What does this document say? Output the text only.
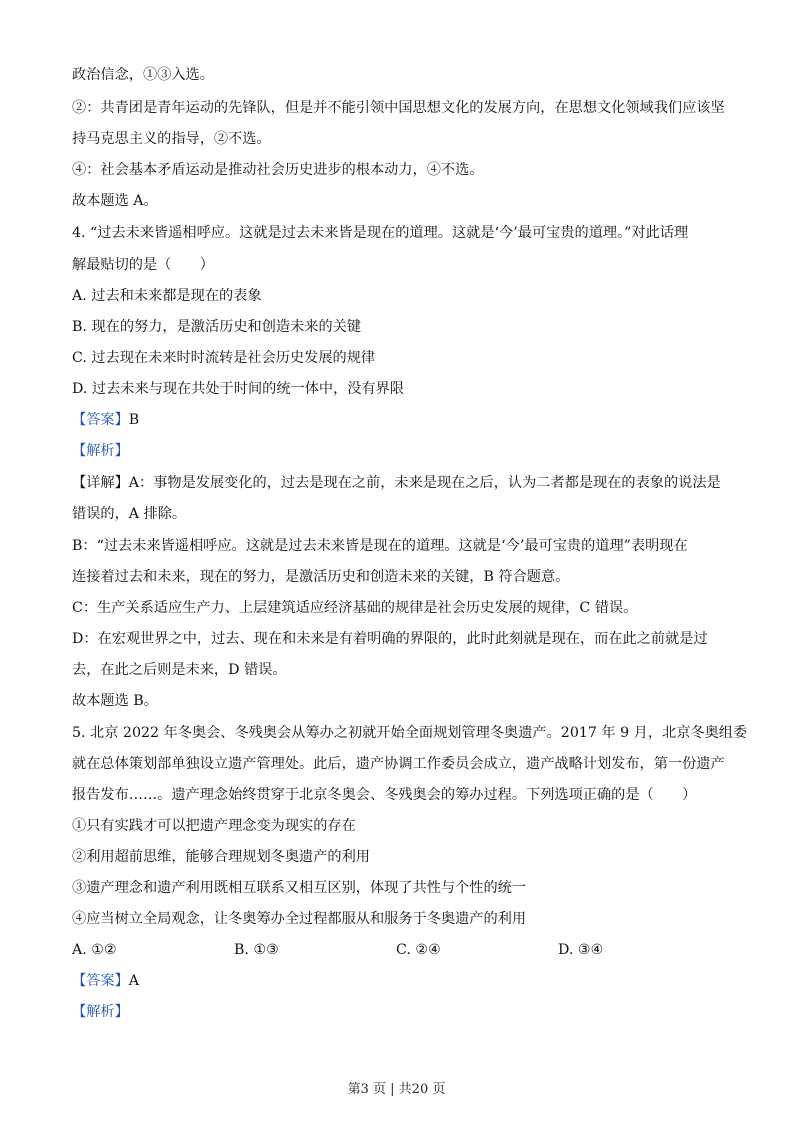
政治信念，①③入选。
②：共青团是青年运动的先锋队，但是并不能引领中国思想文化的发展方向，在思想文化领域我们应该坚
持马克思主义的指导，②不选。
④：社会基本矛盾运动是推动社会历史进步的根本动力，④不选。
故本题选 A。
4. “过去未来皆遥相呼应。这就是过去未来皆是现在的道理。这就是‘今’最可宝贵的道理。”对此话理
解最贴切的是（　　）
A. 过去和未来都是现在的表象
B. 现在的努力，是激活历史和创造未来的关键
C. 过去现在未来时时流转是社会历史发展的规律
D. 过去未来与现在共处于时间的统一体中，没有界限
【答案】B
【解析】
【详解】A：事物是发展变化的，过去是现在之前，未来是现在之后，认为二者都是现在的表象的说法是
错误的，A 排除。
B：“过去未来皆遥相呼应。这就是过去未来皆是现在的道理。这就是‘今’最可宝贵的道理”表明现在
连接着过去和未来，现在的努力，是激活历史和创造未来的关键，B 符合题意。
C：生产关系适应生产力、上层建筑适应经济基础的规律是社会历史发展的规律，C 错误。
D：在宏观世界之中，过去、现在和未来是有着明确的界限的，此时此刻就是现在，而在此之前就是过
去，在此之后则是未来，D 错误。
故本题选 B。
5. 北京 2022 年冬奥会、冬残奥会从筹办之初就开始全面规划管理冬奥遗产。2017 年 9 月，北京冬奥组委
就在总体策划部单独设立遗产管理处。此后，遗产协调工作委员会成立，遗产战略计划发布，第一份遗产
报告发布……。遗产理念始终贯穿于北京冬奥会、冬残奥会的筹办过程。下列选项正确的是（　　）
①只有实践才可以把遗产理念变为现实的存在
②利用超前思维，能够合理规划冬奥遗产的利用
③遗产理念和遗产利用既相互联系又相互区别，体现了共性与个性的统一
④应当树立全局观念，让冬奥筹办全过程都服从和服务于冬奥遗产的利用
A. ①②	B. ①③	C. ②④	D. ③④
【答案】A
【解析】
第3 页 | 共20 页
